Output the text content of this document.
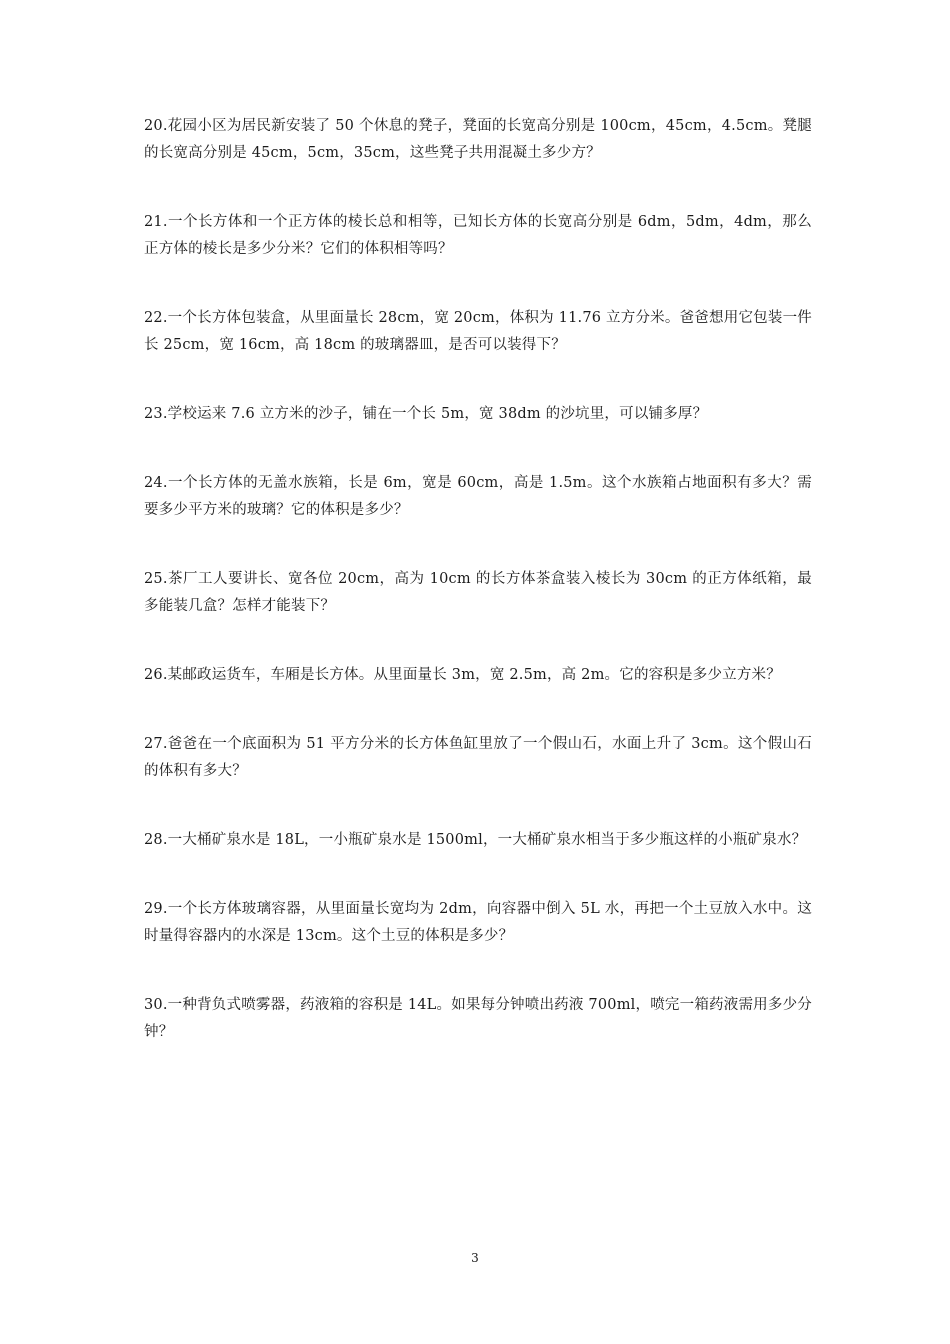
20.花园小区为居民新安装了 50 个休息的凳子，凳面的长宽高分别是 100cm，45cm，4.5cm。凳腿的长宽高分别是 45cm，5cm，35cm，这些凳子共用混凝土多少方？
21.一个长方体和一个正方体的棱长总和相等，已知长方体的长宽高分别是 6dm，5dm，4dm，那么正方体的棱长是多少分米？它们的体积相等吗？
22.一个长方体包装盒，从里面量长 28cm，宽 20cm，体积为 11.76 立方分米。爸爸想用它包装一件长 25cm，宽 16cm，高 18cm 的玻璃器皿，是否可以装得下？
23.学校运来 7.6 立方米的沙子，铺在一个长 5m，宽 38dm 的沙坑里，可以铺多厚？
24.一个长方体的无盖水族箱，长是 6m，宽是 60cm，高是 1.5m。这个水族箱占地面积有多大？需要多少平方米的玻璃？它的体积是多少？
25.茶厂工人要讲长、宽各位 20cm，高为 10cm 的长方体茶盒装入棱长为 30cm 的正方体纸箱，最多能装几盒？怎样才能装下？
26.某邮政运货车，车厢是长方体。从里面量长 3m，宽 2.5m，高 2m。它的容积是多少立方米？
27.爸爸在一个底面积为 51 平方分米的长方体鱼缸里放了一个假山石，水面上升了 3cm。这个假山石的体积有多大？
28.一大桶矿泉水是 18L，一小瓶矿泉水是 1500ml，一大桶矿泉水相当于多少瓶这样的小瓶矿泉水？
29.一个长方体玻璃容器，从里面量长宽均为 2dm，向容器中倒入 5L 水，再把一个土豆放入水中。这时量得容器内的水深是 13cm。这个土豆的体积是多少？
30.一种背负式喷雾器，药液箱的容积是 14L。如果每分钟喷出药液 700ml，喷完一箱药液需用多少分钟？
3
